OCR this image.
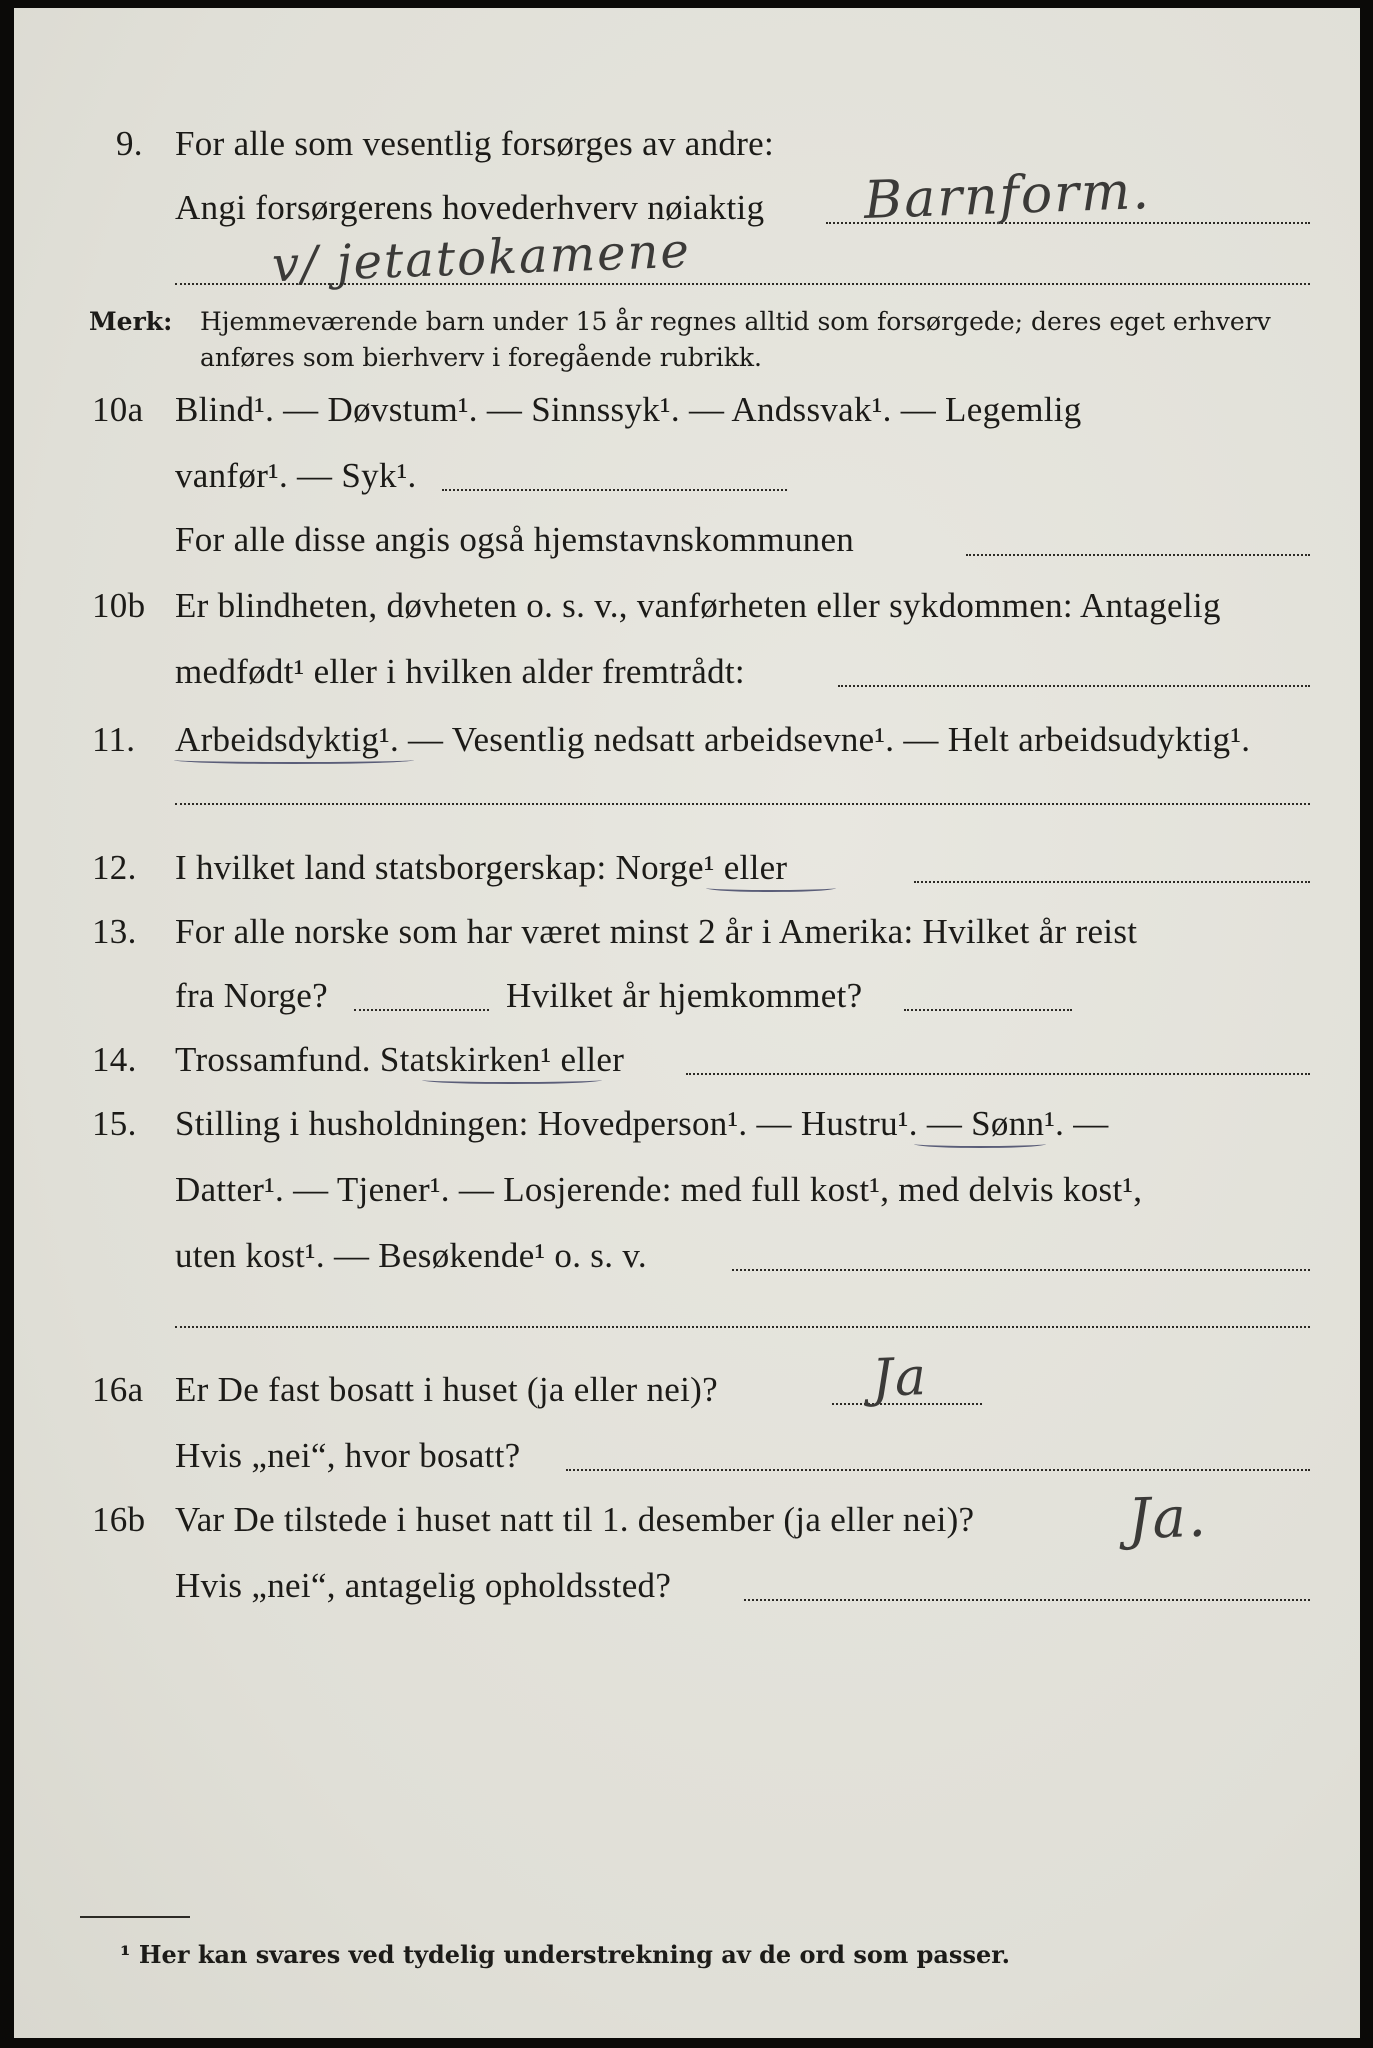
9. For alle som vesentlig forsørges av andre:
Angi forsørgerens hovederhverv nøiaktig Barnform.
v/ jetatokamene
Merk: Hjemmeværende barn under 15 år regnes alltid som forsørgede; deres eget erhverv
anføres som bierhverv i foregående rubrikk.
10a Blind¹. — Døvstum¹. — Sinnssyk¹. — Andssvak¹. — Legemlig
vanfør¹. — Syk¹.
For alle disse angis også hjemstavnskommunen
10b Er blindheten, døvheten o. s. v., vanførheten eller sykdommen: Antagelig
medfødt¹ eller i hvilken alder fremtrådt:
11. Arbeidsdyktig¹. — Vesentlig nedsatt arbeidsevne¹. — Helt arbeidsudyktig¹.
12. I hvilket land statsborgerskap: Norge¹ eller
13. For alle norske som har været minst 2 år i Amerika: Hvilket år reist
fra Norge?	Hvilket år hjemkommet?
14. Trossamfund. Statskirken¹ eller
15. Stilling i husholdningen: Hovedperson¹. — Hustru¹. — Sønn¹. —
Datter¹. — Tjener¹. — Losjerende: med full kost¹, med delvis kost¹,
uten kost¹. — Besøkende¹ o. s. v.
16a Er De fast bosatt i huset (ja eller nei)?	Ja
Hvis „nei“, hvor bosatt?
16b Var De tilstede i huset natt til 1. desember (ja eller nei)?	Ja.
Hvis „nei“, antagelig opholdssted?
¹ Her kan svares ved tydelig understrekning av de ord som passer.
